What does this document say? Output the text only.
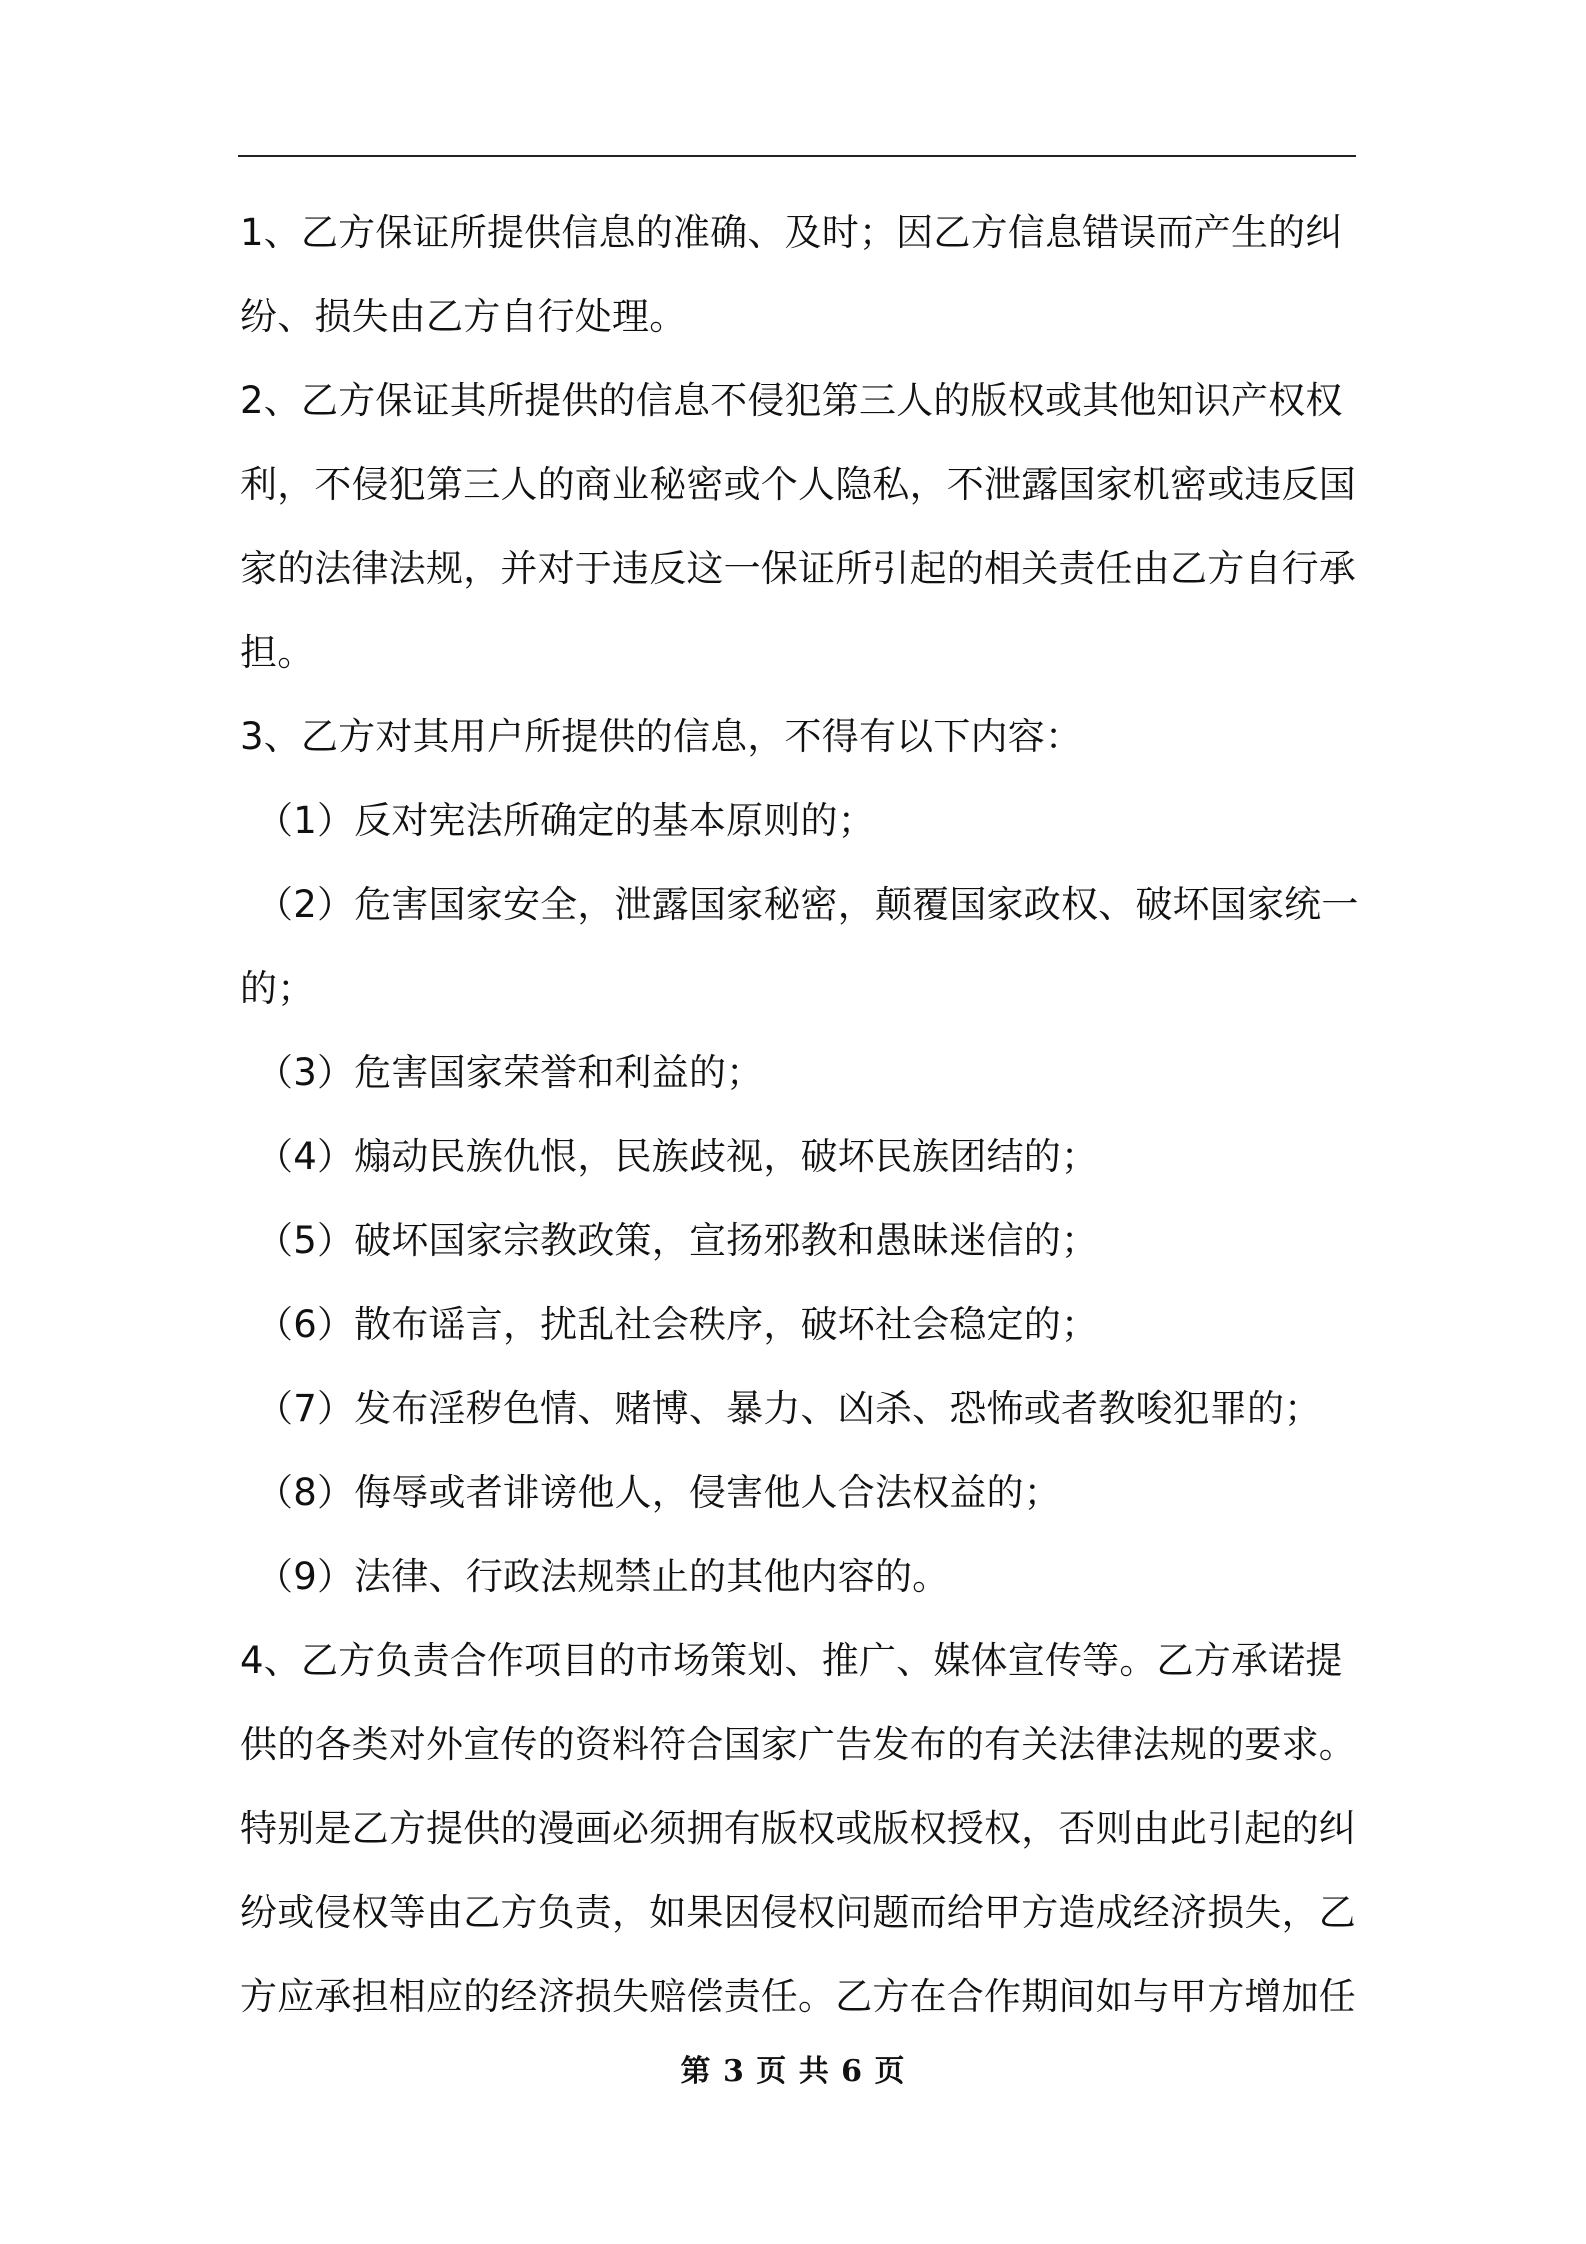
1、乙方保证所提供信息的准确、及时；因乙方信息错误而产生的纠
纷、损失由乙方自行处理。
2、乙方保证其所提供的信息不侵犯第三人的版权或其他知识产权权
利，不侵犯第三人的商业秘密或个人隐私，不泄露国家机密或违反国
家的法律法规，并对于违反这一保证所引起的相关责任由乙方自行承
担。
3、乙方对其用户所提供的信息，不得有以下内容：
（1）反对宪法所确定的基本原则的；
（2）危害国家安全，泄露国家秘密，颠覆国家政权、破坏国家统一
的；
（3）危害国家荣誉和利益的；
（4）煽动民族仇恨，民族歧视，破坏民族团结的；
（5）破坏国家宗教政策，宣扬邪教和愚昧迷信的；
（6）散布谣言，扰乱社会秩序，破坏社会稳定的；
（7）发布淫秽色情、赌博、暴力、凶杀、恐怖或者教唆犯罪的；
（8）侮辱或者诽谤他人，侵害他人合法权益的；
（9）法律、行政法规禁止的其他内容的。
4、乙方负责合作项目的市场策划、推广、媒体宣传等。乙方承诺提
供的各类对外宣传的资料符合国家广告发布的有关法律法规的要求。
特别是乙方提供的漫画必须拥有版权或版权授权，否则由此引起的纠
纷或侵权等由乙方负责，如果因侵权问题而给甲方造成经济损失，乙
方应承担相应的经济损失赔偿责任。乙方在合作期间如与甲方增加任
第 3 页 共 6 页
